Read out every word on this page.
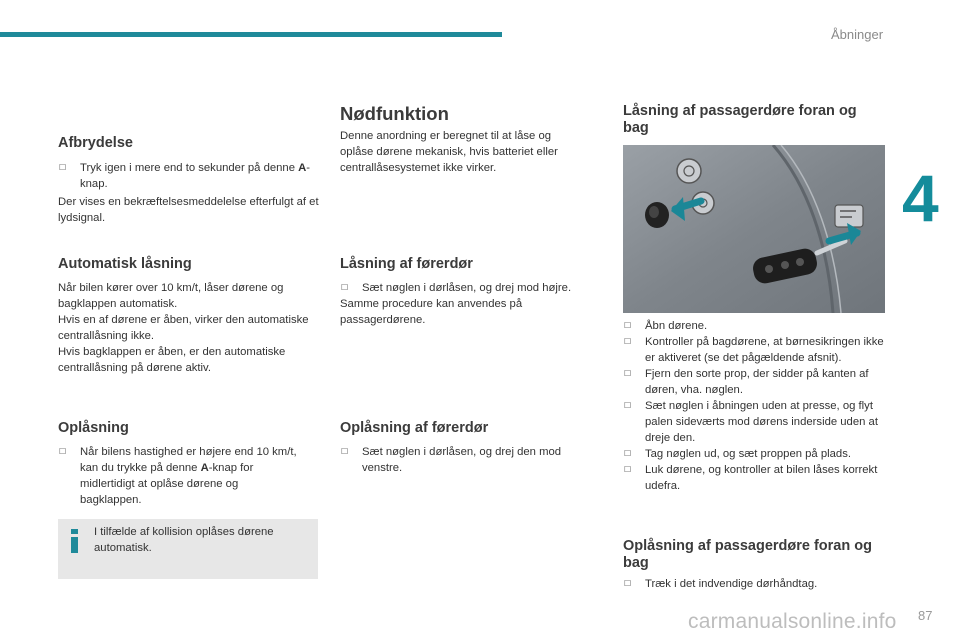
Åbninger
4
Afbrydelse

☐ Tryk igen i mere end to sekunder på denne A-knap.

Der vises en bekræftelsesmeddelelse efterfulgt af et lydsignal.

Automatisk låsning

Når bilen kører over 10 km/t, låser dørene og bagklappen automatisk.

Hvis en af dørene er åben, virker den automatiske centrallåsning ikke.

Hvis bagklappen er åben, er den automatiske centrallåsning på dørene aktiv.

Oplåsning

☐ Når bilens hastighed er højere end 10 km/t, kan du trykke på denne A-knap for midlertidigt at oplåse dørene og bagklappen.

I tilfælde af kollision oplåses dørene automatisk.
Nødfunktion
Denne anordning er beregnet til at låse og oplåse dørene mekanisk, hvis batteriet eller centrallåsesystemet ikke virker.
Låsning af førerdør

☐ Sæt nøglen i dørlåsen, og drej mod højre.

Samme procedure kan anvendes på passagerdørene.

Oplåsning af førerdør

☐ Sæt nøglen i dørlåsen, og drej den mod venstre.

Låsning af passagerdøre foran og bag

☐ Åbn dørene.

☐ Kontroller på bagdørene, at børnesikringen ikke er aktiveret (se det pågældende afsnit).

☐ Fjern den sorte prop, der sidder på kanten af døren, vha. nøglen.

☐ Sæt nøglen i åbningen uden at presse, og flyt palen sideværts mod dørens inderside uden at dreje den.

☐ Tag nøglen ud, og sæt proppen på plads.

☐ Luk dørene, og kontroller at bilen låses korrekt udefra.

Oplåsning af passagerdøre foran og bag

☐ Træk i det indvendige dørhåndtag.

carmanualsonline.info 87
